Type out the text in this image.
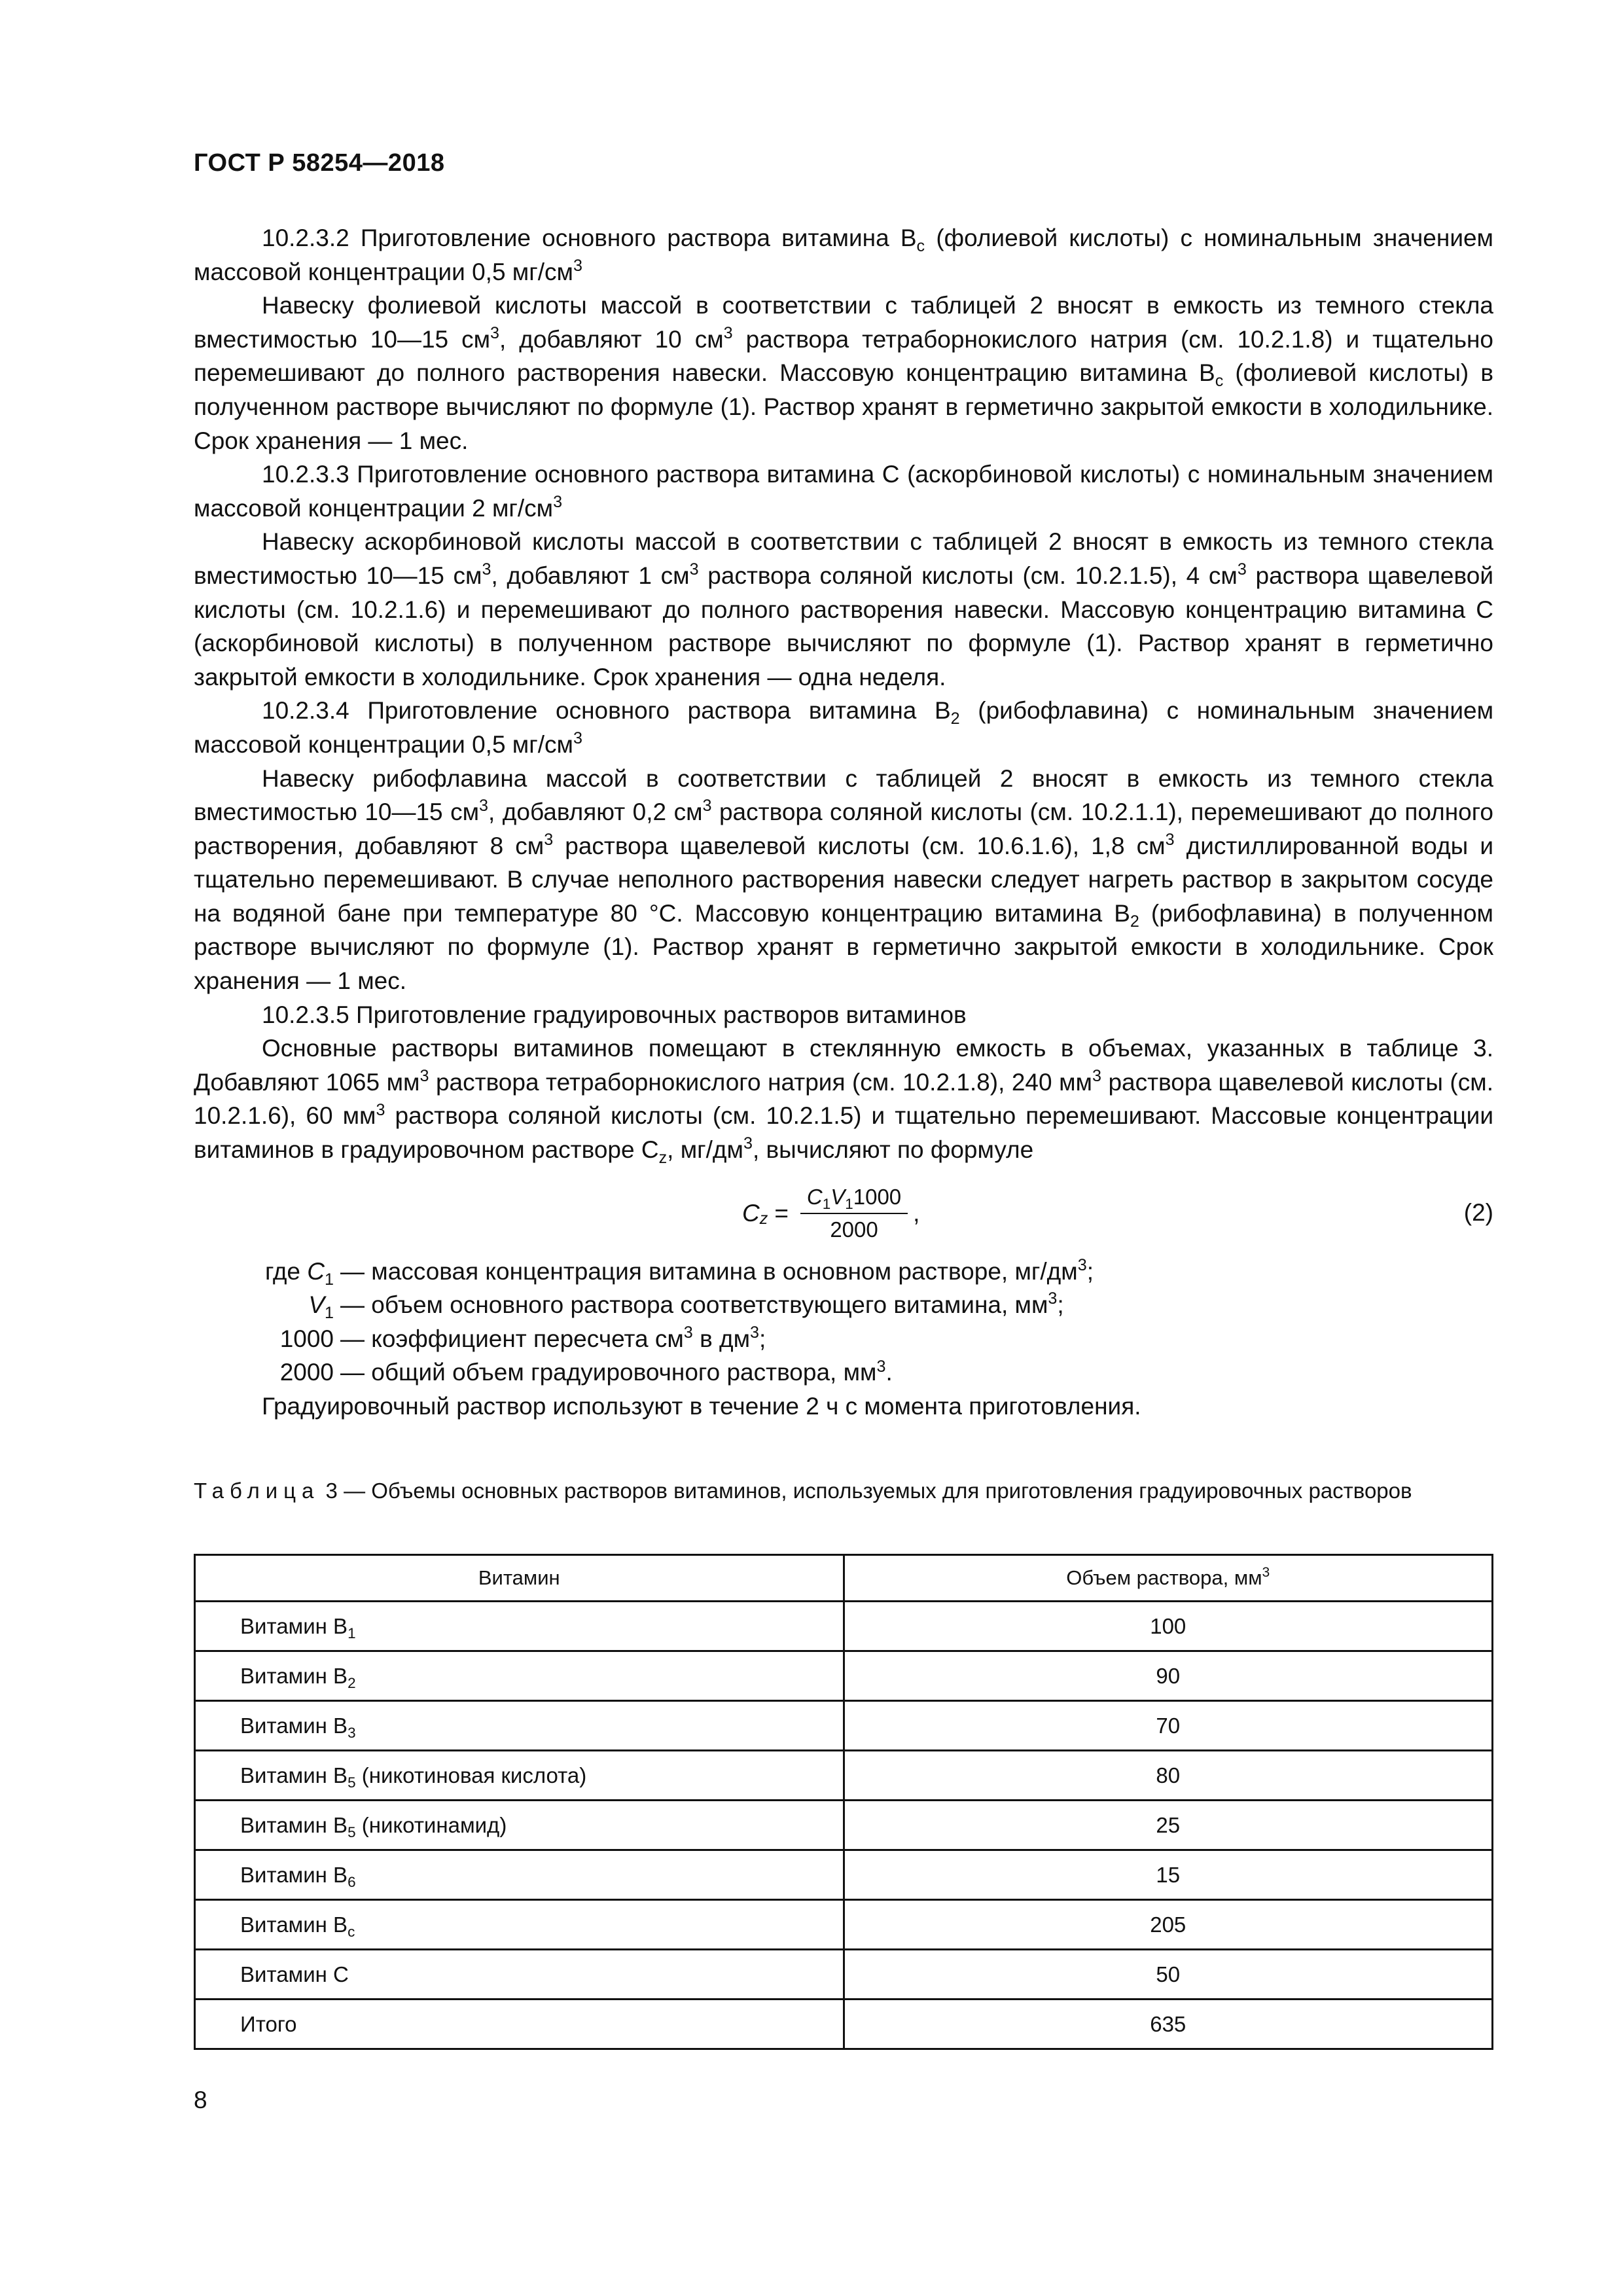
ГОСТ Р 58254—2018

10.2.3.2 Приготовление основного раствора витамина $В_c$ (фолиевой кислоты) с номинальным значением массовой концентрации 0,5 $мг/см^3$

Навеску фолиевой кислоты массой в соответствии с таблицей 2 вносят в емкость из темного стекла вместимостью 10—15 $см^3$, добавляют 10 $см^3$ раствора тетраборнокислого натрия (см. 10.2.1.8) и тщательно перемешивают до полного растворения навески. Массовую концентрацию витамина $В_c$ (фолиевой кислоты) в полученном растворе вычисляют по формуле (1). Раствор хранят в герметично закрытой емкости в холодильнике. Срок хранения — 1 мес.

10.2.3.3 Приготовление основного раствора витамина С (аскорбиновой кислоты) с номинальным значением массовой концентрации 2 $мг/см^3$

Навеску аскорбиновой кислоты массой в соответствии с таблицей 2 вносят в емкость из темного стекла вместимостью 10—15 $см^3$, добавляют 1 $см^3$ раствора соляной кислоты (см. 10.2.1.5), 4 $см^3$ раствора щавелевой кислоты (см. 10.2.1.6) и перемешивают до полного растворения навески. Массовую концентрацию витамина С (аскорбиновой кислоты) в полученном растворе вычисляют по формуле (1). Раствор хранят в герметично закрытой емкости в холодильнике. Срок хранения — одна неделя.

10.2.3.4 Приготовление основного раствора витамина $В_2$ (рибофлавина) с номинальным значением массовой концентрации 0,5 $мг/см^3$

Навеску рибофлавина массой в соответствии с таблицей 2 вносят в емкость из темного стекла вместимостью 10—15 $см^3$, добавляют 0,2 $см^3$ раствора соляной кислоты (см. 10.2.1.1), перемешивают до полного растворения, добавляют 8 $см^3$ раствора щавелевой кислоты (см. 10.6.1.6), 1,8 $см^3$ дистиллированной воды и тщательно перемешивают. В случае неполного растворения навески следует нагреть раствор в закрытом сосуде на водяной бане при температуре 80 °С. Массовую концентрацию витамина $В_2$ (рибофлавина) в полученном растворе вычисляют по формуле (1). Раствор хранят в герметично закрытой емкости в холодильнике. Срок хранения — 1 мес.

10.2.3.5 Приготовление градуировочных растворов витаминов

Основные растворы витаминов помещают в стеклянную емкость в объемах, указанных в таблице 3. Добавляют 1065 $мм^3$ раствора тетраборнокислого натрия (см. 10.2.1.8), 240 $мм^3$ раствора щавелевой кислоты (см. 10.2.1.6), 60 $мм^3$ раствора соляной кислоты (см. 10.2.1.5) и тщательно перемешивают. Массовые концентрации витаминов в градуировочном растворе $С_z$, $мг/дм^3$, вычисляют по формуле

$C_z = \frac{C_1V_11000}{2000}$ ,	(2)
где $C_1$ — массовая концентрация витамина в основном растворе, $мг/дм^3$;
$V_1$ — объем основного раствора соответствующего витамина, $мм^3$;
1000 — коэффициент пересчета $см^3$ в $дм^3$;
2000 — общий объем градуировочного раствора, $мм^3$.

Градуировочный раствор используют в течение 2 ч с момента приготовления.

Таблица 3 — Объемы основных растворов витаминов, используемых для приготовления градуировочных растворов
Витамин	Объем раствора, $мм^3$
Витамин $В_1$	100
Витамин $В_2$	90
Витамин $В_3$	70
Витамин $В_5$ (никотиновая кислота)	80
Витамин $В_5$ (никотинамид)	25
Витамин $В_6$	15
Витамин $В_c$	205
Витамин С	50
Итого	635
8
